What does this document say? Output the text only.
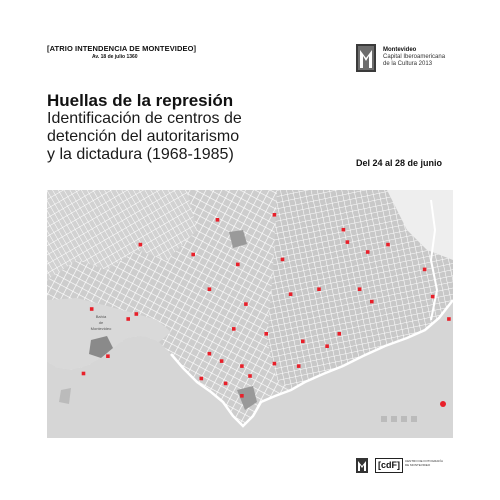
[ATRIO INTENDENCIA DE MONTEVIDEO]
Av. 18 de julio 1360
Montevideo
Capital Iberoamericana
de la Cultura 2013
Huellas de la represión
Identificación de centros de
detención del autoritarismo
y la dictadura (1968-1985)	Del 24 al 28 de junio
Bahía
de
Montevideo
[cdF]	CENTRO DE FOTOGRAFÍA DE MONTEVIDEO
